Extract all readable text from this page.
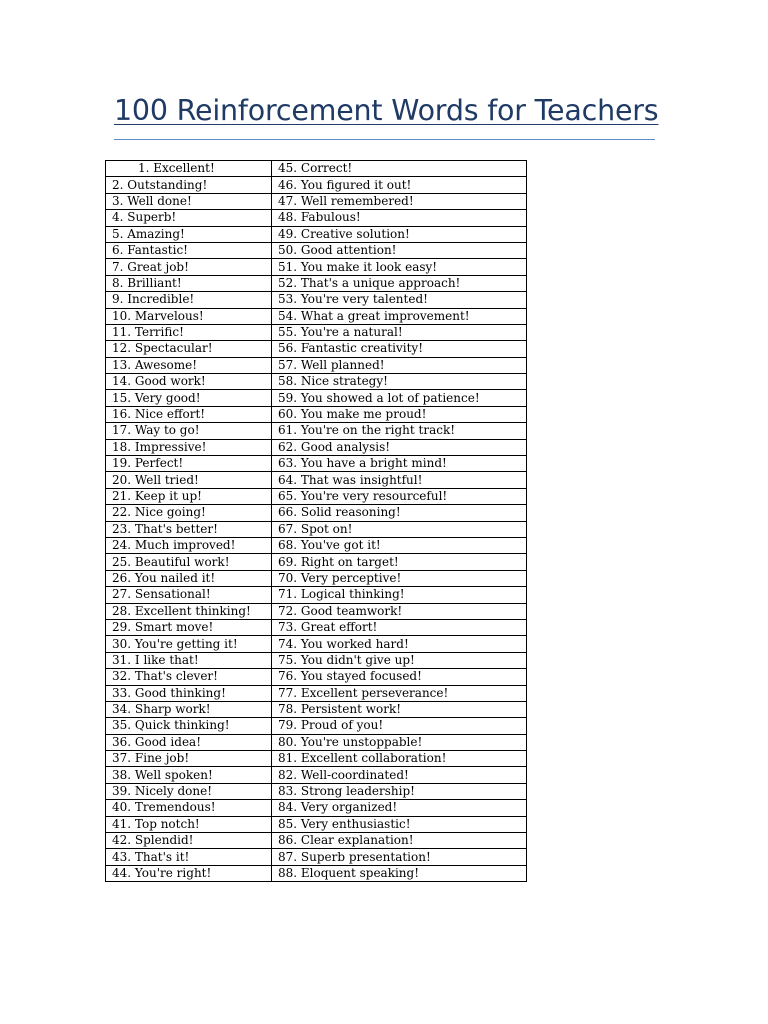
100 Reinforcement Words for Teachers
1. Excellent!	45. Correct!
2. Outstanding!	46. You figured it out!
3. Well done!	47. Well remembered!
4. Superb!	48. Fabulous!
5. Amazing!	49. Creative solution!
6. Fantastic!	50. Good attention!
7. Great job!	51. You make it look easy!
8. Brilliant!	52. That's a unique approach!
9. Incredible!	53. You're very talented!
10. Marvelous!	54. What a great improvement!
11. Terrific!	55. You're a natural!
12. Spectacular!	56. Fantastic creativity!
13. Awesome!	57. Well planned!
14. Good work!	58. Nice strategy!
15. Very good!	59. You showed a lot of patience!
16. Nice effort!	60. You make me proud!
17. Way to go!	61. You're on the right track!
18. Impressive!	62. Good analysis!
19. Perfect!	63. You have a bright mind!
20. Well tried!	64. That was insightful!
21. Keep it up!	65. You're very resourceful!
22. Nice going!	66. Solid reasoning!
23. That's better!	67. Spot on!
24. Much improved!	68. You've got it!
25. Beautiful work!	69. Right on target!
26. You nailed it!	70. Very perceptive!
27. Sensational!	71. Logical thinking!
28. Excellent thinking!	72. Good teamwork!
29. Smart move!	73. Great effort!
30. You're getting it!	74. You worked hard!
31. I like that!	75. You didn't give up!
32. That's clever!	76. You stayed focused!
33. Good thinking!	77. Excellent perseverance!
34. Sharp work!	78. Persistent work!
35. Quick thinking!	79. Proud of you!
36. Good idea!	80. You're unstoppable!
37. Fine job!	81. Excellent collaboration!
38. Well spoken!	82. Well-coordinated!
39. Nicely done!	83. Strong leadership!
40. Tremendous!	84. Very organized!
41. Top notch!	85. Very enthusiastic!
42. Splendid!	86. Clear explanation!
43. That's it!	87. Superb presentation!
44. You're right!	88. Eloquent speaking!
